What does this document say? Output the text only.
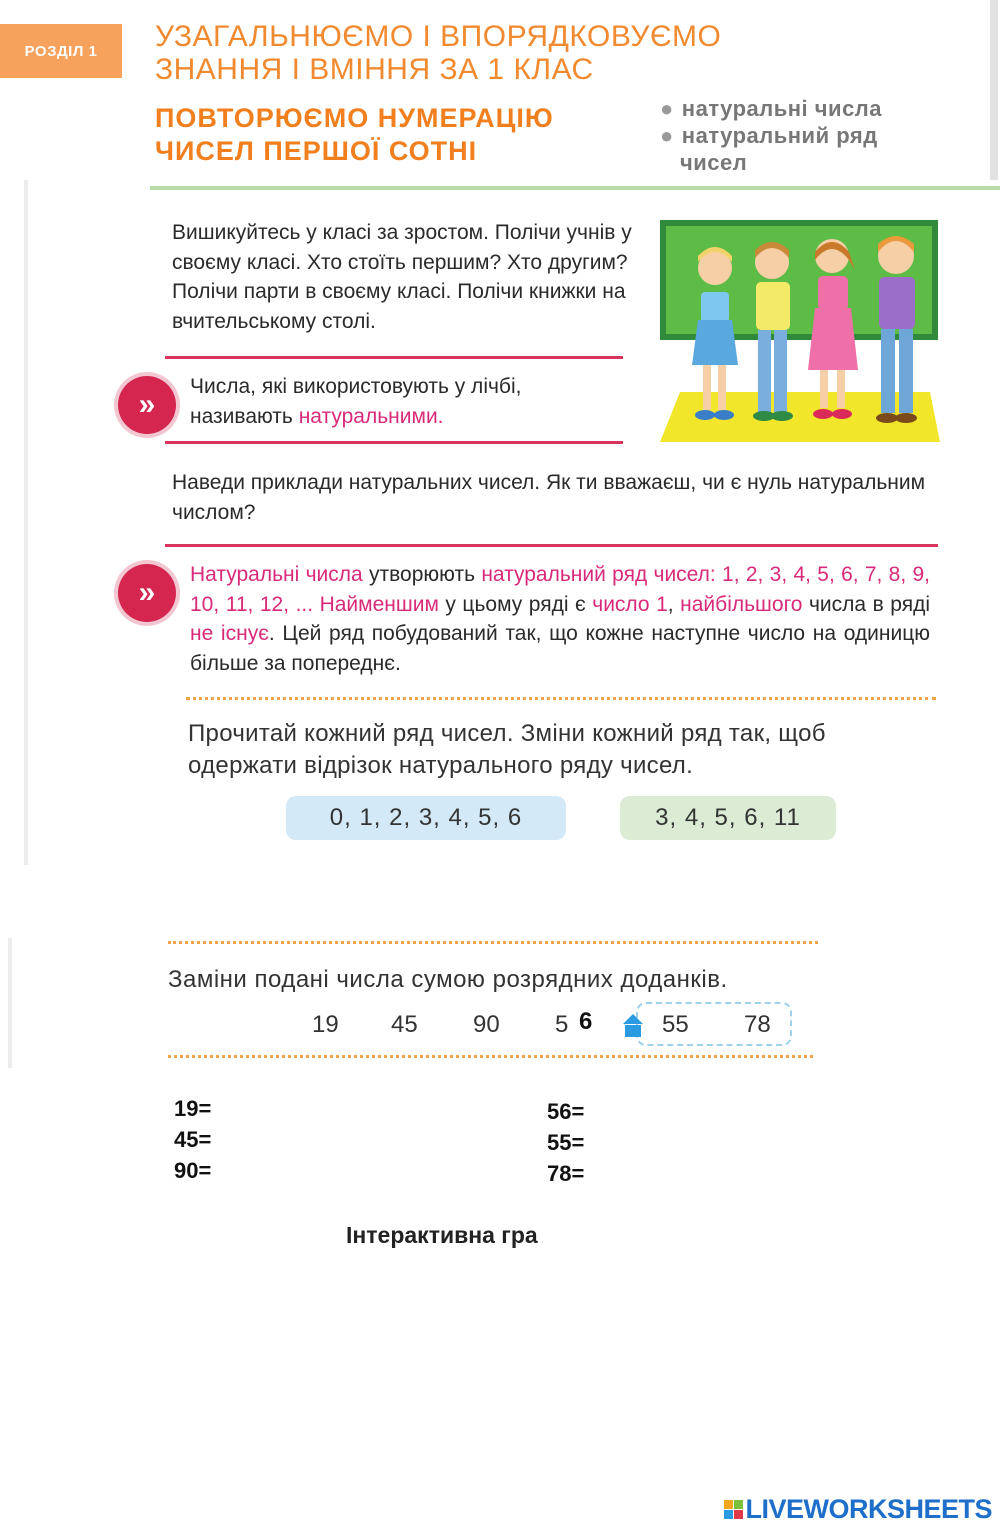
РОЗДІЛ 1	УЗАГАЛЬНЮЄМО І ВПОРЯДКОВУЄМО
ЗНАННЯ І ВМІННЯ ЗА 1 КЛАС
ПОВТОРЮЄМО НУМЕРАЦІЮ
ЧИСЕЛ ПЕРШОЇ СОТНІ
● натуральні числа
● натуральний ряд
чисел
Вишикуйтесь у класі за зростом. Полічи учнів у своєму класі. Хто стоїть першим? Хто другим? Полічи парти в своєму класі. Полічи книжки на вчительському столі.
»
Числа, які використовують у лічбі, називають натуральними.
Наведи приклади натуральних чисел. Як ти вважаєш, чи є нуль натуральним числом?
»
Натуральні числа утворюють натуральний ряд чисел: 1, 2, 3, 4, 5, 6, 7, 8, 9, 10, 11, 12, ... Найменшим у цьому ряді є число 1, найбільшого числа в ряді не існує. Цей ряд побудований так, що кожне наступне число на одиницю більше за попереднє.
Прочитай кожний ряд чисел. Зміни кожний ряд так, щоб одержати відрізок натурального ряду чисел.
0, 1, 2, 3, 4, 5, 6	3, 4, 5, 6, 11
Заміни подані числа сумою розрядних доданків.
19 45 90 5 6	55 78
19=
45=
90=
56=
55=
78=
Інтерактивна гра
LIVEWORKSHEETS
